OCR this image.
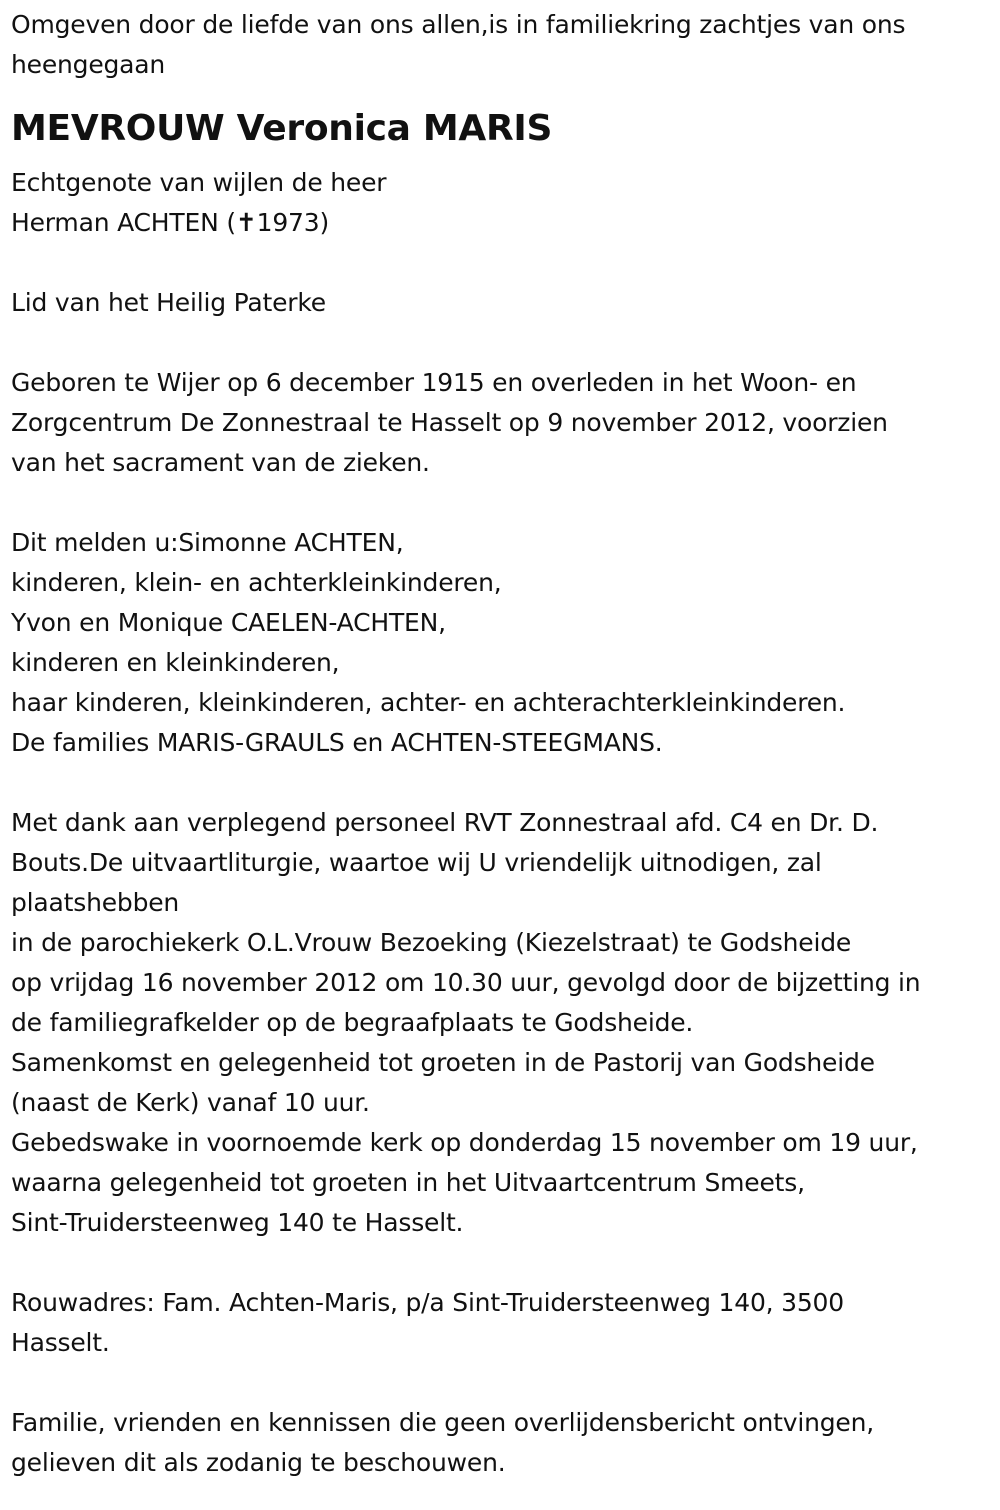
Omgeven door de liefde van ons allen,is in familiekring zachtjes van ons
heengegaan
MEVROUW Veronica MARIS
Echtgenote van wijlen de heer
Herman ACHTEN (✝1973)
Lid van het Heilig Paterke
Geboren te Wijer op 6 december 1915 en overleden in het Woon- en
Zorgcentrum De Zonnestraal te Hasselt op 9 november 2012, voorzien
van het sacrament van de zieken.
Dit melden u:Simonne ACHTEN,
kinderen, klein- en achterkleinkinderen,
Yvon en Monique CAELEN-ACHTEN,
kinderen en kleinkinderen,
haar kinderen, kleinkinderen, achter- en achterachterkleinkinderen.
De families MARIS-GRAULS en ACHTEN-STEEGMANS.
Met dank aan verplegend personeel RVT Zonnestraal afd. C4 en Dr. D.
Bouts.De uitvaartliturgie, waartoe wij U vriendelijk uitnodigen, zal
plaatshebben
in de parochiekerk O.L.Vrouw Bezoeking (Kiezelstraat) te Godsheide
op vrijdag 16 november 2012 om 10.30 uur, gevolgd door de bijzetting in
de familiegrafkelder op de begraafplaats te Godsheide.
Samenkomst en gelegenheid tot groeten in de Pastorij van Godsheide
(naast de Kerk) vanaf 10 uur.
Gebedswake in voornoemde kerk op donderdag 15 november om 19 uur,
waarna gelegenheid tot groeten in het Uitvaartcentrum Smeets,
Sint-Truidersteenweg 140 te Hasselt.
Rouwadres: Fam. Achten-Maris, p/a Sint-Truidersteenweg 140, 3500
Hasselt.
Familie, vrienden en kennissen die geen overlijdensbericht ontvingen,
gelieven dit als zodanig te beschouwen.
